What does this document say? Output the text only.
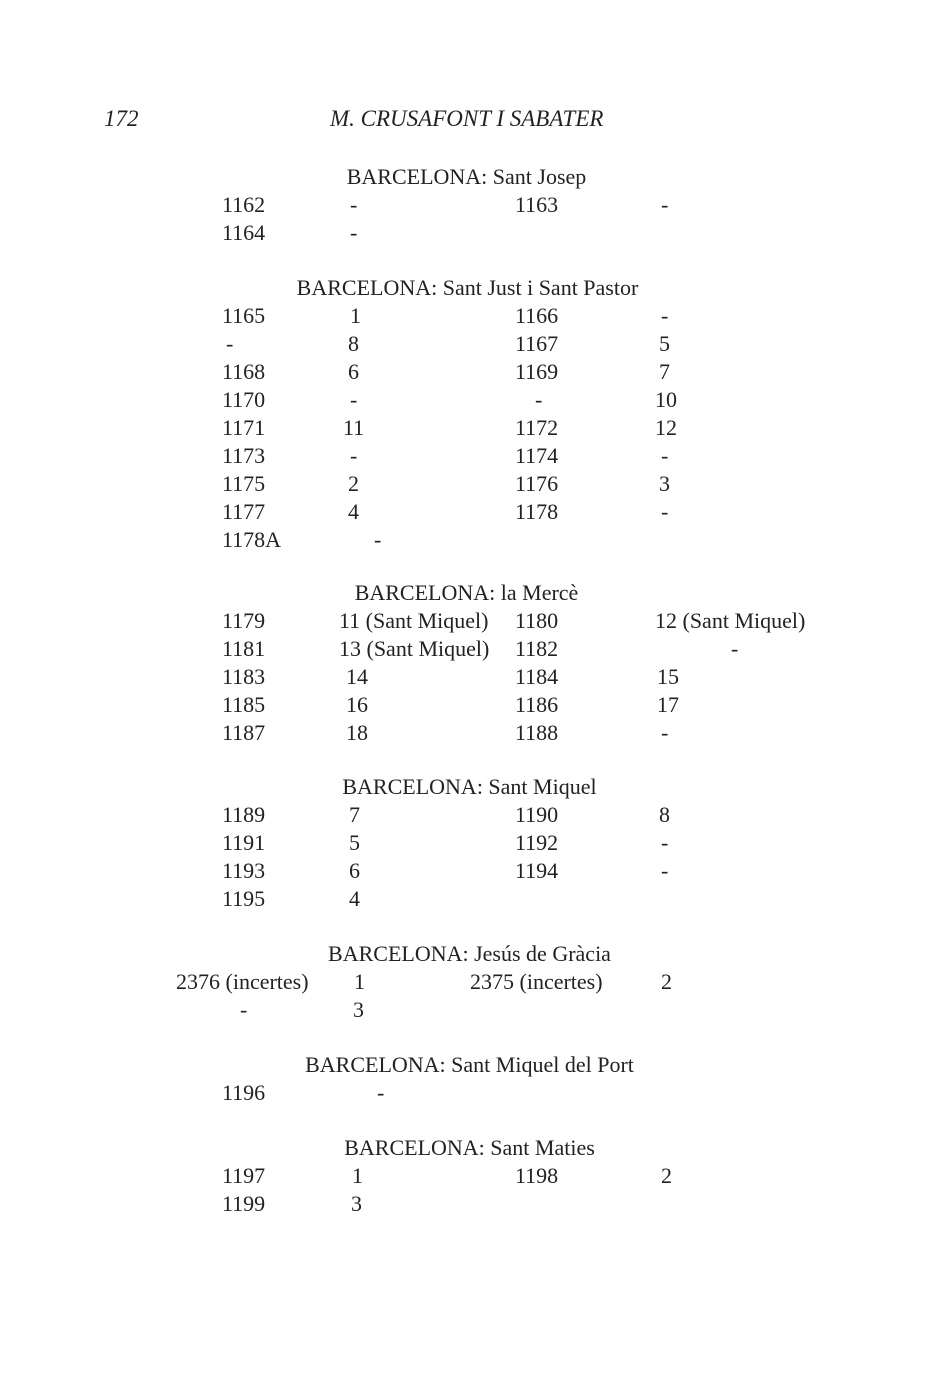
172	M. CRUSAFONT I SABATER
BARCELONA: Sant Josep
1162	-	1163	-
1164	-
BARCELONA: Sant Just i Sant Pastor
1165	1	1166	-
-	8	1167	5
1168	6	1169	7
1170	-	-	10
1171	11	1172	12
1173	-	1174	-
1175	2	1176	3
1177	4	1178	-
1178A	-
BARCELONA: la Mercè
1179	11 (Sant Miquel) 1180	12 (Sant Miquel)
1181	13 (Sant Miquel) 1182	-
1183	14	1184	15
1185	16	1186	17
1187	18	1188	-
BARCELONA: Sant Miquel
1189	7	1190	8
1191	5	1192	-
1193	6	1194	-
1195	4
BARCELONA: Jesús de Gràcia
2376 (incertes) 1	2375 (incertes)	2
-	3
BARCELONA: Sant Miquel del Port
1196	-
BARCELONA: Sant Maties
1197	1	1198	2
1199	3
